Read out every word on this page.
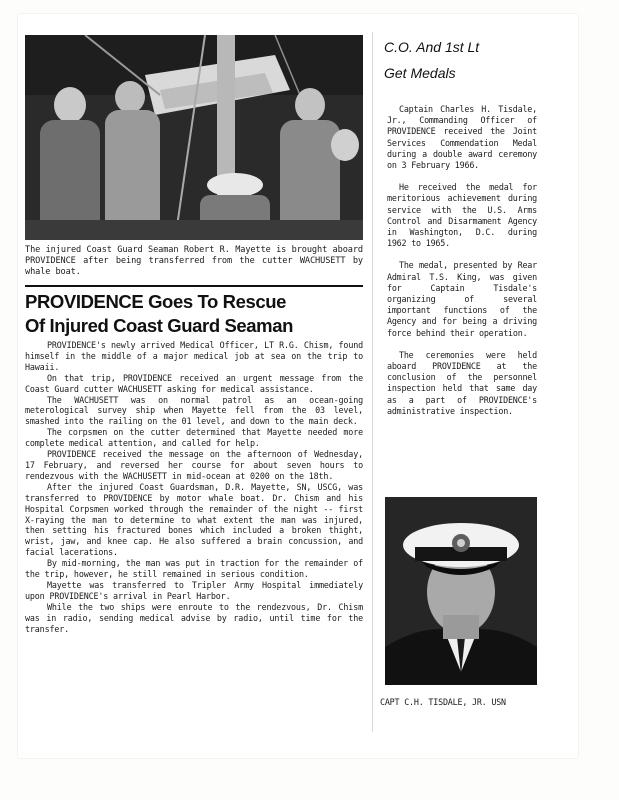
The injured Coast Guard Seaman Robert R. Mayette is brought aboard PROVIDENCE after being transferred from the cutter WACHUSETT by whale boat.
PROVIDENCE Goes To Rescue
Of Injured Coast Guard Seaman

PROVIDENCE's newly arrived Medical Officer, LT R.G. Chism, found himself in the middle of a major medical job at sea on the trip to Hawaii.

On that trip, PROVIDENCE received an urgent message from the Coast Guard cutter WACHUSETT asking for medical assistance.

The WACHUSETT was on normal patrol as an ocean-going meterological survey ship when Mayette fell from the 03 level, smashed into the railing on the 01 level, and down to the main deck.

The corpsmen on the cutter determined that Mayette needed more complete medical attention, and called for help.

PROVIDENCE received the message on the afternoon of Wednesday, 17 February, and reversed her course for about seven hours to rendezvous with the WACHUSETT in mid-ocean at 0200 on the 18th.

After the injured Coast Guardsman, D.R. Mayette, SN, USCG, was transferred to PROVIDENCE by motor whale boat. Dr. Chism and his Hospital Corpsmen worked through the remainder of the night -- first X-raying the man to determine to what extent the man was injured, then setting his fractured bones which included a broken thight, wrist, jaw, and knee cap. He also suffered a brain concussion, and facial lacerations.

By mid-morning, the man was put in traction for the remainder of the trip, however, he still remained in serious condition.

Mayette was transferred to Tripler Army Hospital immediately upon PROVIDENCE's arrival in Pearl Harbor.

While the two ships were enroute to the rendezvous, Dr. Chism was in radio, sending medical advise by radio, until time for the transfer.

C.O. And 1st Lt
Get Medals

Captain Charles H. Tisdale, Jr., Commanding Officer of PROVIDENCE received the Joint Services Commendation Medal during a double award ceremony on 3 February 1966.

He received the medal for meritorious achievement during service with the U.S. Arms Control and Disarmament Agency in Washington, D.C. during 1962 to 1965.

The medal, presented by Rear Admiral T.S. King, was given for Captain Tisdale's organizing of several important functions of the Agency and for being a driving force behind their operation.

The ceremonies were held aboard PROVIDENCE at the conclusion of the personnel inspection held that same day as a part of PROVIDENCE's administrative inspection.

CAPT C.H. TISDALE, JR. USN
